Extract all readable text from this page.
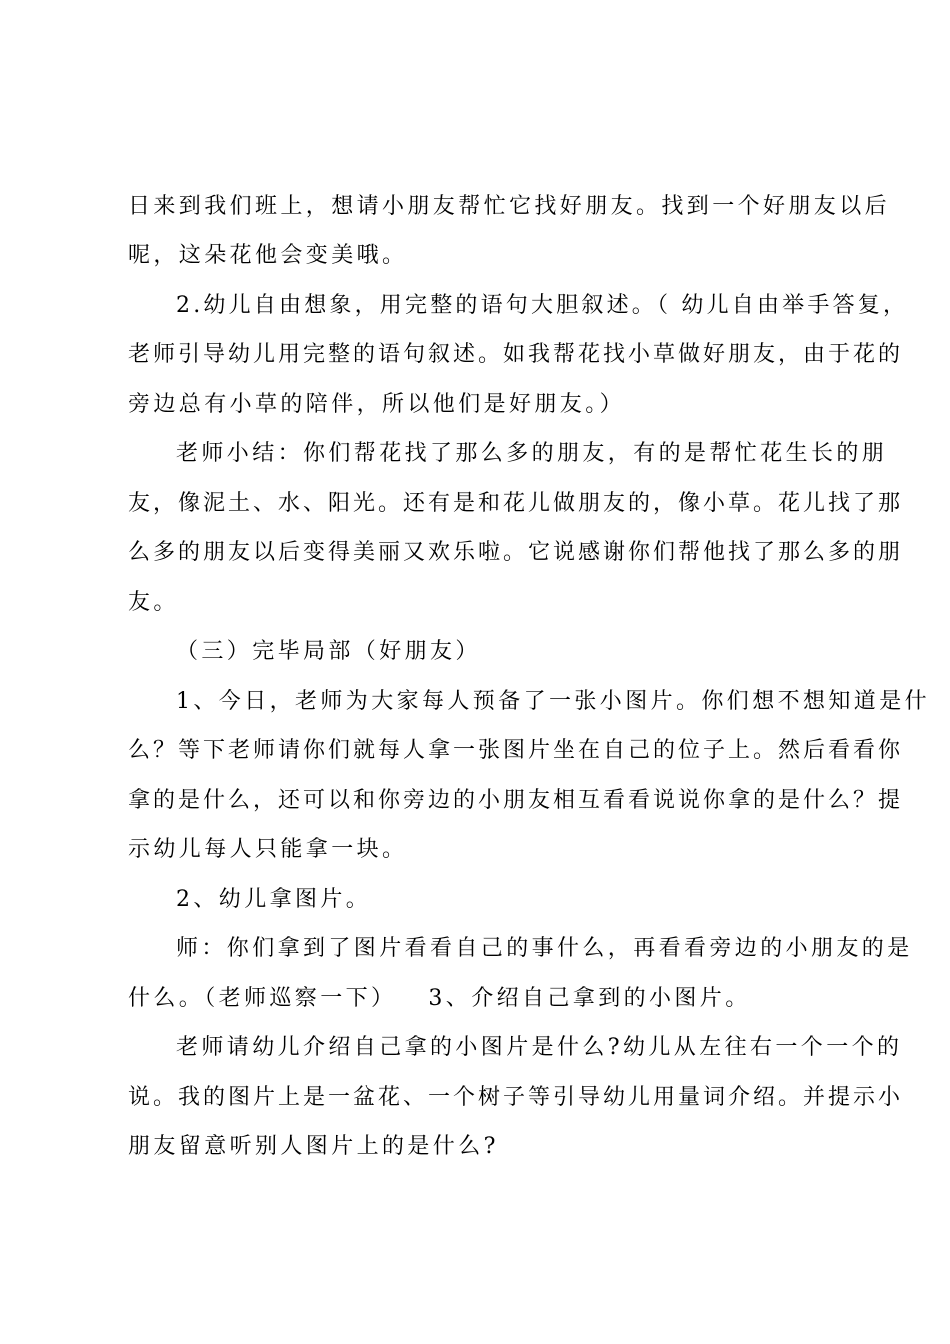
日来到我们班上，想请小朋友帮忙它找好朋友。找到一个好朋友以后
呢，这朵花他会变美哦。
2.幼儿自由想象，用完整的语句大胆叙述。（ 幼儿自由举手答复，
老师引导幼儿用完整的语句叙述。如我帮花找小草做好朋友，由于花的
旁边总有小草的陪伴，所以他们是好朋友。）
老师小结：你们帮花找了那么多的朋友，有的是帮忙花生长的朋
友，像泥土、水、阳光。还有是和花儿做朋友的，像小草。花儿找了那
么多的朋友以后变得美丽又欢乐啦。它说感谢你们帮他找了那么多的朋
友。
（三）完毕局部（好朋友）
1、今日，老师为大家每人预备了一张小图片。你们想不想知道是什
么？等下老师请你们就每人拿一张图片坐在自己的位子上。然后看看你
拿的是什么，还可以和你旁边的小朋友相互看看说说你拿的是什么？提
示幼儿每人只能拿一块。
2、幼儿拿图片。
师：你们拿到了图片看看自己的事什么，再看看旁边的小朋友的是
什么。（老师巡察一下） 3、介绍自己拿到的小图片。
老师请幼儿介绍自己拿的小图片是什么?幼儿从左往右一个一个的
说。我的图片上是一盆花、一个树子等引导幼儿用量词介绍。并提示小
朋友留意听别人图片上的是什么?
